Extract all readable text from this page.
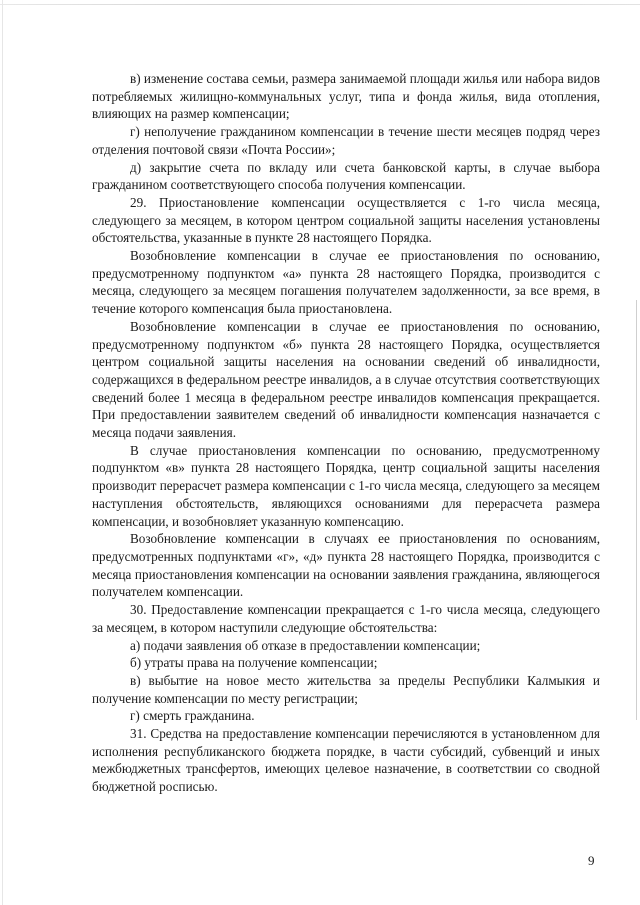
в) изменение состава семьи, размера занимаемой площади жилья или набора видов потребляемых жилищно-коммунальных услуг, типа и фонда жилья, вида отопления, влияющих на размер компенсации;

г) неполучение гражданином компенсации в течение шести месяцев подряд через отделения почтовой связи «Почта России»;

д) закрытие счета по вкладу или счета банковской карты, в случае выбора гражданином соответствующего способа получения компенсации.

29. Приостановление компенсации осуществляется с 1-го числа месяца, следующего за месяцем, в котором центром социальной защиты населения установлены обстоятельства, указанные в пункте 28 настоящего Порядка.

Возобновление компенсации в случае ее приостановления по основанию, предусмотренному подпунктом «а» пункта 28 настоящего Порядка, производится с месяца, следующего за месяцем погашения получателем задолженности, за все время, в течение которого компенсация была приостановлена.

Возобновление компенсации в случае ее приостановления по основанию, предусмотренному подпунктом «б» пункта 28 настоящего Порядка, осуществляется центром социальной защиты населения на основании сведений об инвалидности, содержащихся в федеральном реестре инвалидов, а в случае отсутствия соответствующих сведений более 1 месяца в федеральном реестре инвалидов компенсация прекращается. При предоставлении заявителем сведений об инвалидности компенсация назначается с месяца подачи заявления.

В случае приостановления компенсации по основанию, предусмотренному подпунктом «в» пункта 28 настоящего Порядка, центр социальной защиты населения производит перерасчет размера компенсации с 1-го числа месяца, следующего за месяцем наступления обстоятельств, являющихся основаниями для перерасчета размера компенсации, и возобновляет указанную компенсацию.

Возобновление компенсации в случаях ее приостановления по основаниям, предусмотренных подпунктами «г», «д» пункта 28 настоящего Порядка, производится с месяца приостановления компенсации на основании заявления гражданина, являющегося получателем компенсации.

30. Предоставление компенсации прекращается с 1-го числа месяца, следующего за месяцем, в котором наступили следующие обстоятельства:

а) подачи заявления об отказе в предоставлении компенсации;

б) утраты права на получение компенсации;

в) выбытие на новое место жительства за пределы Республики Калмыкия и получение компенсации по месту регистрации;

г) смерть гражданина.

31. Средства на предоставление компенсации перечисляются в установленном для исполнения республиканского бюджета порядке, в части субсидий, субвенций и иных межбюджетных трансфертов, имеющих целевое назначение, в соответствии со сводной бюджетной росписью.

9
